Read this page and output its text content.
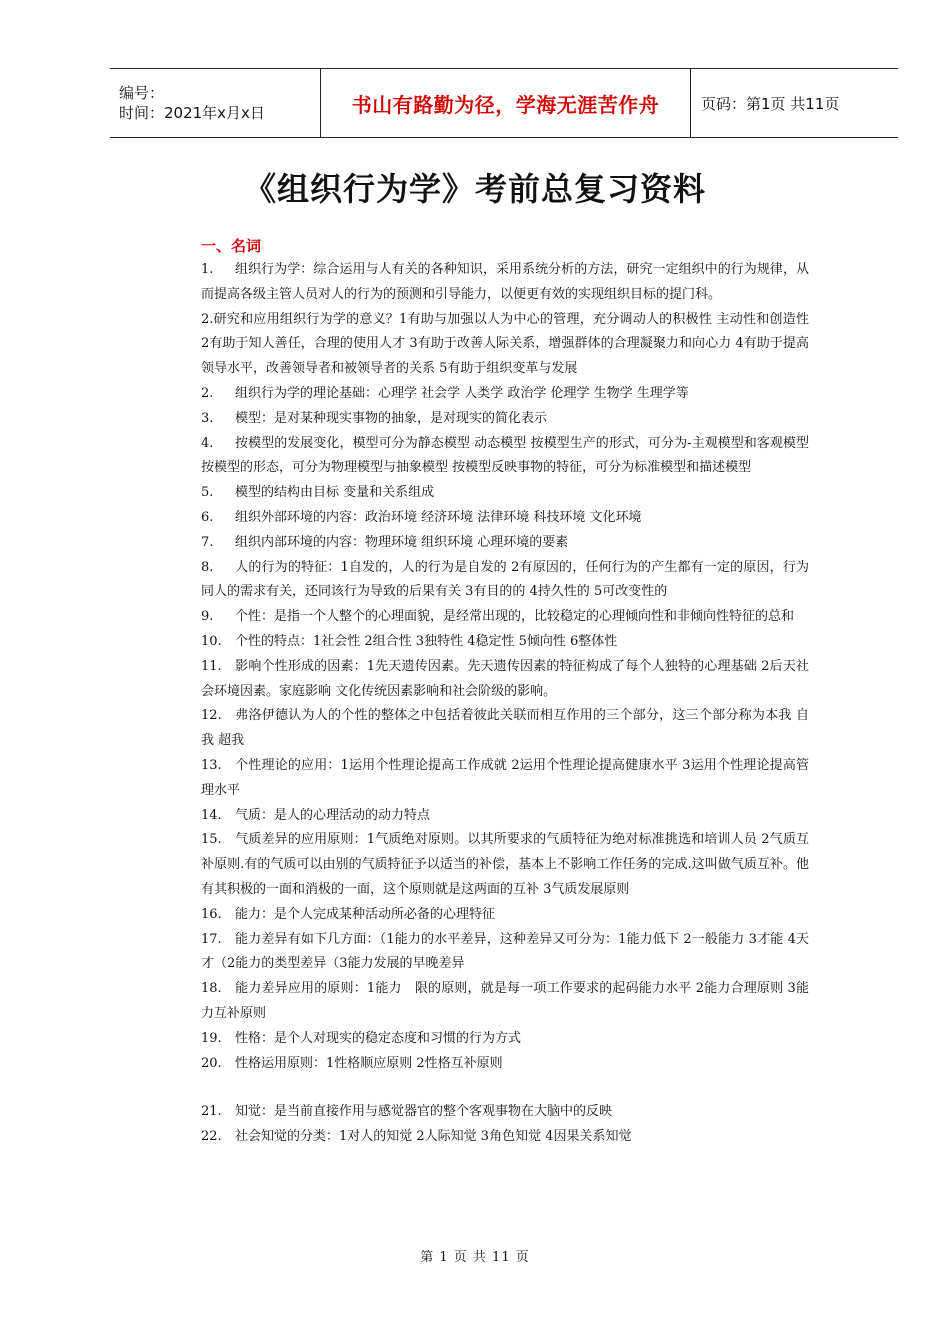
编号：
时间：2021年x月x日	书山有路勤为径，学海无涯苦作舟	页码：第1页 共11页
《组织行为学》考前总复习资料
一、名词
1. 组织行为学：综合运用与人有关的各种知识，采用系统分析的方法，研究一定组织中的行为规律，从而提高各级主管人员对人的行为的预测和引导能力，以便更有效的实现组织目标的提门科。
2.研究和应用组织行为学的意义？1有助与加强以人为中心的管理，充分调动人的积极性 主动性和创造性 2有助于知人善任，合理的使用人才 3有助于改善人际关系，增强群体的合理凝聚力和向心力 4有助于提高领导水平，改善领导者和被领导者的关系 5有助于组织变革与发展
2. 组织行为学的理论基础：心理学 社会学 人类学 政治学 伦理学 生物学 生理学等
3. 模型：是对某种现实事物的抽象，是对现实的简化表示
4. 按模型的发展变化，模型可分为静态模型 动态模型 按模型生产的形式，可分为-主观模型和客观模型 按模型的形态，可分为物理模型与抽象模型 按模型反映事物的特征，可分为标准模型和描述模型
5. 模型的结构由目标 变量和关系组成
6. 组织外部环境的内容：政治环境 经济环境 法律环境 科技环境 文化环境
7. 组织内部环境的内容：物理环境 组织环境 心理环境的要素
8. 人的行为的特征：1自发的，人的行为是自发的 2有原因的，任何行为的产生都有一定的原因，行为同人的需求有关，还同该行为导致的后果有关 3有目的的 4持久性的 5可改变性的
9. 个性：是指一个人整个的心理面貌，是经常出现的，比较稳定的心理倾向性和非倾向性特征的总和
10. 个性的特点：1社会性 2组合性 3独特性 4稳定性 5倾向性 6整体性
11. 影响个性形成的因素：1先天遗传因素。先天遗传因素的特征构成了每个人独特的心理基础 2后天社会环境因素。家庭影响 文化传统因素影响和社会阶级的影响。
12. 弗洛伊德认为人的个性的整体之中包括着彼此关联而相互作用的三个部分，这三个部分称为本我 自我 超我
13. 个性理论的应用：1运用个性理论提高工作成就 2运用个性理论提高健康水平 3运用个性理论提高管理水平
14. 气质：是人的心理活动的动力特点
15. 气质差异的应用原则：1气质绝对原则。以其所要求的气质特征为绝对标准挑选和培训人员 2气质互补原则.有的气质可以由别的气质特征予以适当的补偿，基本上不影响工作任务的完成.这叫做气质互补。他有其积极的一面和消极的一面，这个原则就是这两面的互补 3气质发展原则
16. 能力：是个人完成某种活动所必备的心理特征
17. 能力差异有如下几方面：（1能力的水平差异，这种差异又可分为：1能力低下 2一般能力 3才能 4天才（2能力的类型差异（3能力发展的早晚差异
18. 能力差异应用的原则：1能力　限的原则，就是每一项工作要求的起码能力水平 2能力合理原则 3能力互补原则
19. 性格：是个人对现实的稳定态度和习惯的行为方式
20. 性格运用原则：1性格顺应原则 2性格互补原则
21. 知觉：是当前直接作用与感觉器官的整个客观事物在大脑中的反映
22. 社会知觉的分类：1对人的知觉 2人际知觉 3角色知觉 4因果关系知觉
第 1 页 共 11 页
